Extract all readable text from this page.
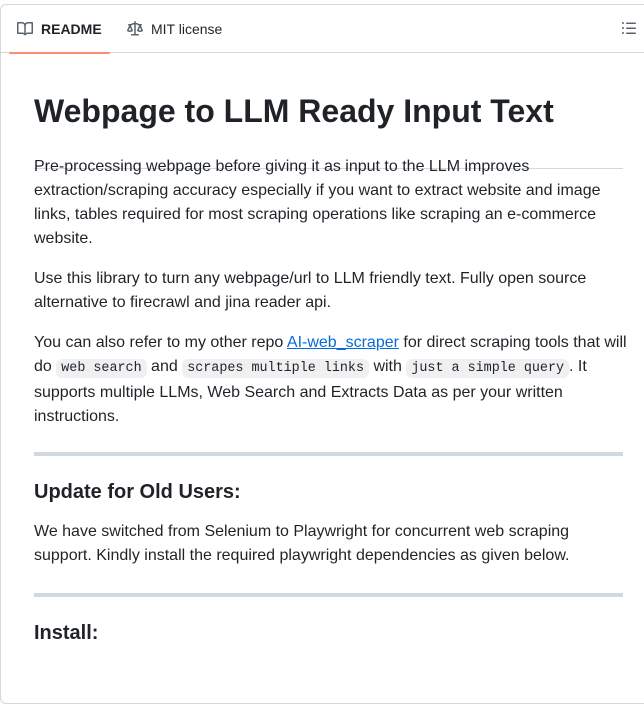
README	MIT license
Webpage to LLM Ready Input Text

Pre-processing webpage before giving it as input to the LLM improves extraction/scraping accuracy especially if you want to extract website and image links, tables required for most scraping operations like scraping an e-commerce website.

Use this library to turn any webpage/url to LLM friendly text. Fully open source alternative to firecrawl and jina reader api.

You can also refer to my other repo AI-web_scraper for direct scraping tools that will do web search and scrapes multiple links with just a simple query . It supports multiple LLMs, Web Search and Extracts Data as per your written instructions.

Update for Old Users:

We have switched from Selenium to Playwright for concurrent web scraping support. Kindly install the required playwright dependencies as given below.

Install:
